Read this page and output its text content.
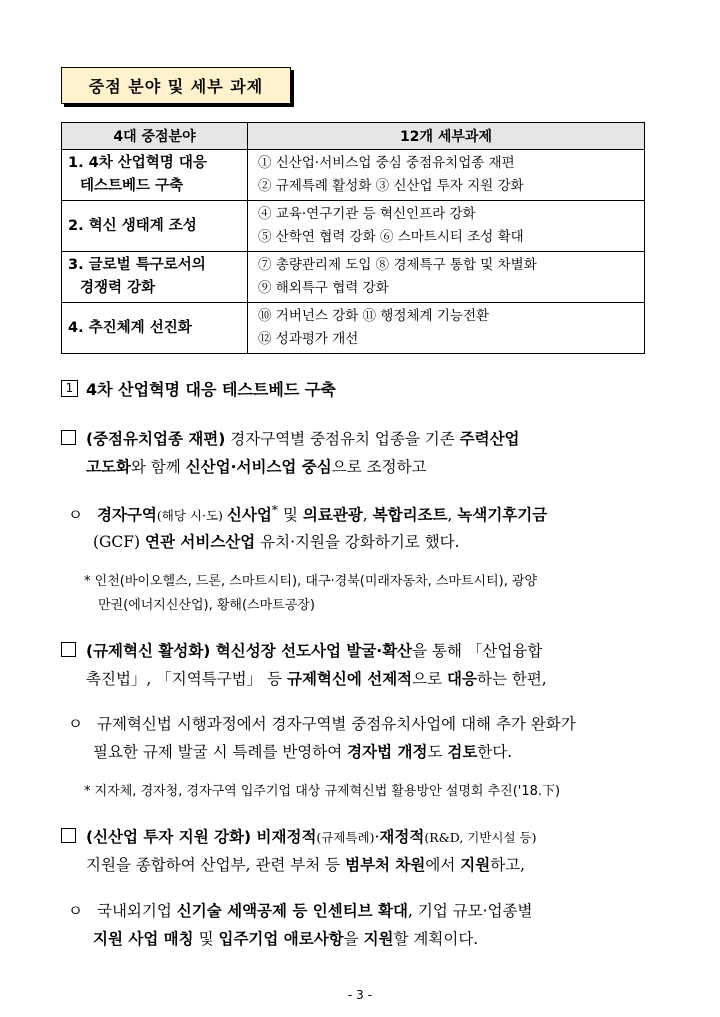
중점 분야 및 세부 과제
4대 중점분야	12개 세부과제

1. 4차 산업혁명 대응
테스트베드 구축	① 신산업·서비스업 중심 중점유치업종 재편
② 규제특례 활성화 ③ 신산업 투자 지원 강화

2. 혁신 생태계 조성	④ 교육·연구기관 등 혁신인프라 강화
⑤ 산학연 협력 강화 ⑥ 스마트시티 조성 확대

3. 글로벌 특구로서의
경쟁력 강화	⑦ 총량관리제 도입 ⑧ 경제특구 통합 및 차별화
⑨ 해외특구 협력 강화

4. 추진체계 선진화	⑩ 거버넌스 강화 ⑪ 행정체계 기능전환
⑫ 성과평가 개선
1 4차 산업혁명 대응 테스트베드 구축
(중점유치업종 재편) 경자구역별 중점유치 업종을 기존 주력산업
고도화와 함께 신산업·서비스업 중심으로 조정하고
ㅇ 경자구역(해당 시·도) 신사업* 및 의료관광, 복합리조트, 녹색기후기금
(GCF) 연관 서비스산업 유치·지원을 강화하기로 했다.
* 인천(바이오헬스, 드론, 스마트시티), 대구·경북(미래자동차, 스마트시티), 광양
만권(에너지신산업), 황해(스마트공장)
(규제혁신 활성화) 혁신성장 선도사업 발굴·확산을 통해 「산업융합
촉진법」, 「지역특구법」 등 규제혁신에 선제적으로 대응하는 한편,
ㅇ 규제혁신법 시행과정에서 경자구역별 중점유치사업에 대해 추가 완화가
필요한 규제 발굴 시 특례를 반영하여 경자법 개정도 검토한다.
* 지자체, 경자청, 경자구역 입주기업 대상 규제혁신법 활용방안 설명회 추진('18.下)
(신산업 투자 지원 강화) 비재정적(규제특례)·재정적(R&D, 기반시설 등)
지원을 종합하여 산업부, 관련 부처 등 범부처 차원에서 지원하고,
ㅇ 국내외기업 신기술 세액공제 등 인센티브 확대, 기업 규모·업종별
지원 사업 매칭 및 입주기업 애로사항을 지원할 계획이다.
- 3 -
